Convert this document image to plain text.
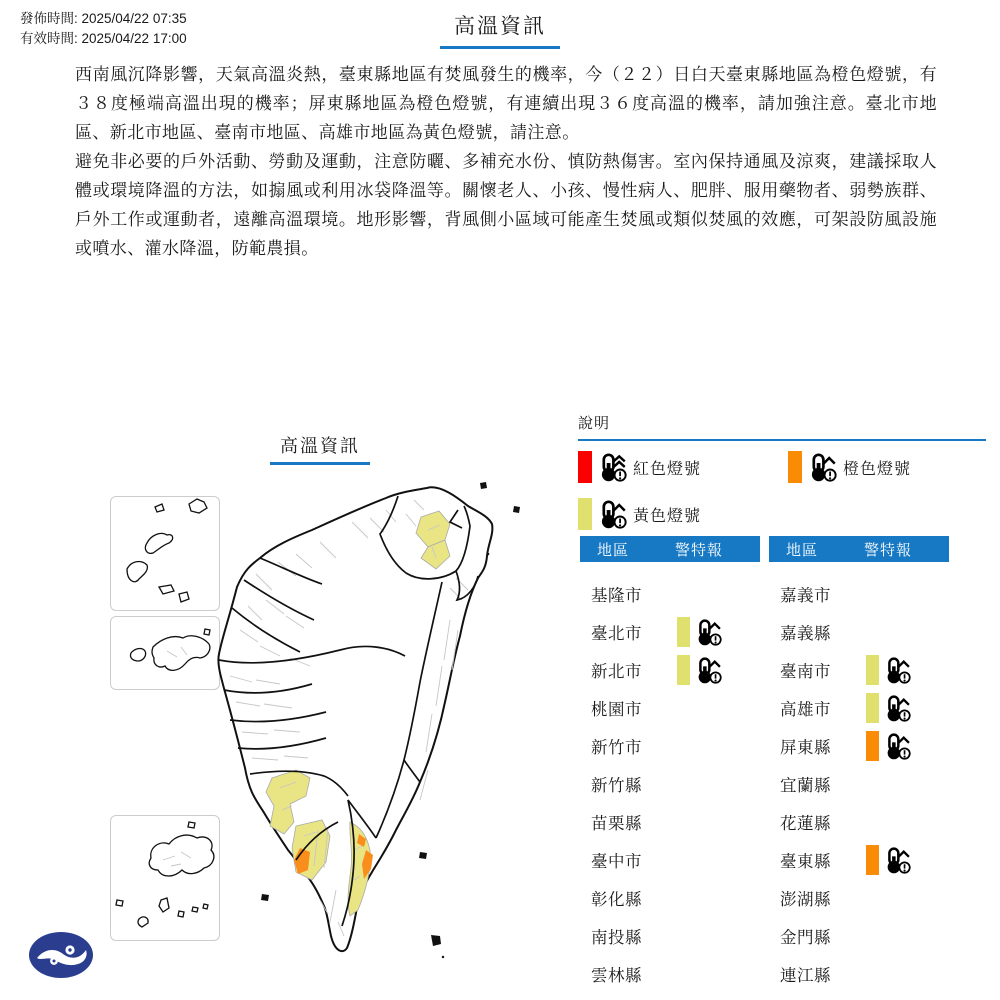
發佈時間: 2025/04/22 07:35
有效時間: 2025/04/22 17:00
高溫資訊

西南風沉降影響，天氣高溫炎熱，臺東縣地區有焚風發生的機率，今（２２）日白天臺東縣地區為橙色燈號，有３８度極端高溫出現的機率；屏東縣地區為橙色燈號，有連續出現３６度高溫的機率，請加強注意。臺北市地區、新北市地區、臺南市地區、高雄市地區為黃色燈號，請注意。

避免非必要的戶外活動、勞動及運動，注意防曬、多補充水份、慎防熱傷害。室內保持通風及涼爽，建議採取人體或環境降溫的方法，如搧風或利用冰袋降溫等。關懷老人、小孩、慢性病人、肥胖、服用藥物者、弱勢族群、戶外工作或運動者，遠離高溫環境。地形影響，背風側小區域可能產生焚風或類似焚風的效應，可架設防風設施或噴水、灌水降溫，防範農損。

高溫資訊
說明
紅色燈號	橙色燈號
黃色燈號
地區	警特報
基隆市
臺北市
新北市
桃園市
新竹市
新竹縣
苗栗縣
臺中市
彰化縣
南投縣
雲林縣
地區	警特報
嘉義市
嘉義縣
臺南市
高雄市
屏東縣
宜蘭縣
花蓮縣
臺東縣
澎湖縣
金門縣
連江縣
